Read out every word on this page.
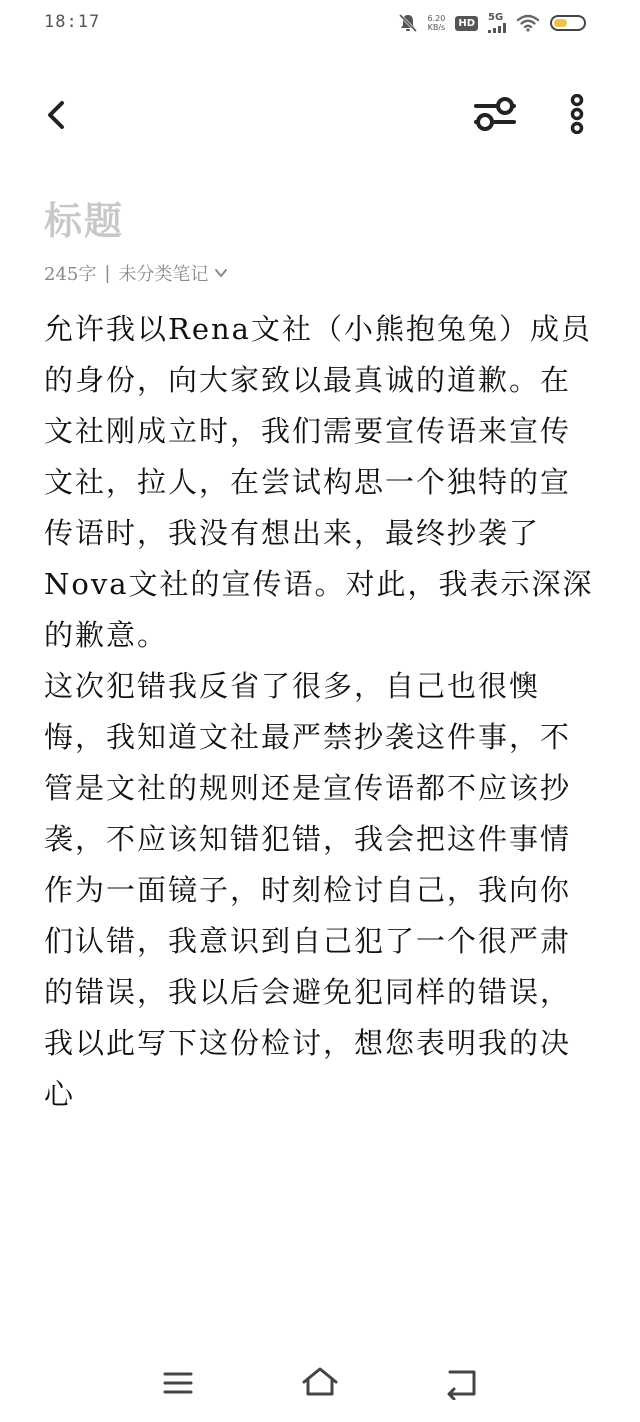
18:17	6.20
KB/s	HD	5G
标题
245字 | 未分类笔记

允许我以Rena文社（小熊抱兔兔）成员的身份，向大家致以最真诚的道歉。在文社刚成立时，我们需要宣传语来宣传文社，拉人，在尝试构思一个独特的宣传语时，我没有想出来，最终抄袭了Nova文社的宣传语。对此，我表示深深的歉意。

这次犯错我反省了很多，自己也很懊悔，我知道文社最严禁抄袭这件事，不管是文社的规则还是宣传语都不应该抄袭，不应该知错犯错，我会把这件事情作为一面镜子，时刻检讨自己，我向你们认错，我意识到自己犯了一个很严肃的错误，我以后会避免犯同样的错误，我以此写下这份检讨，想您表明我的决心
